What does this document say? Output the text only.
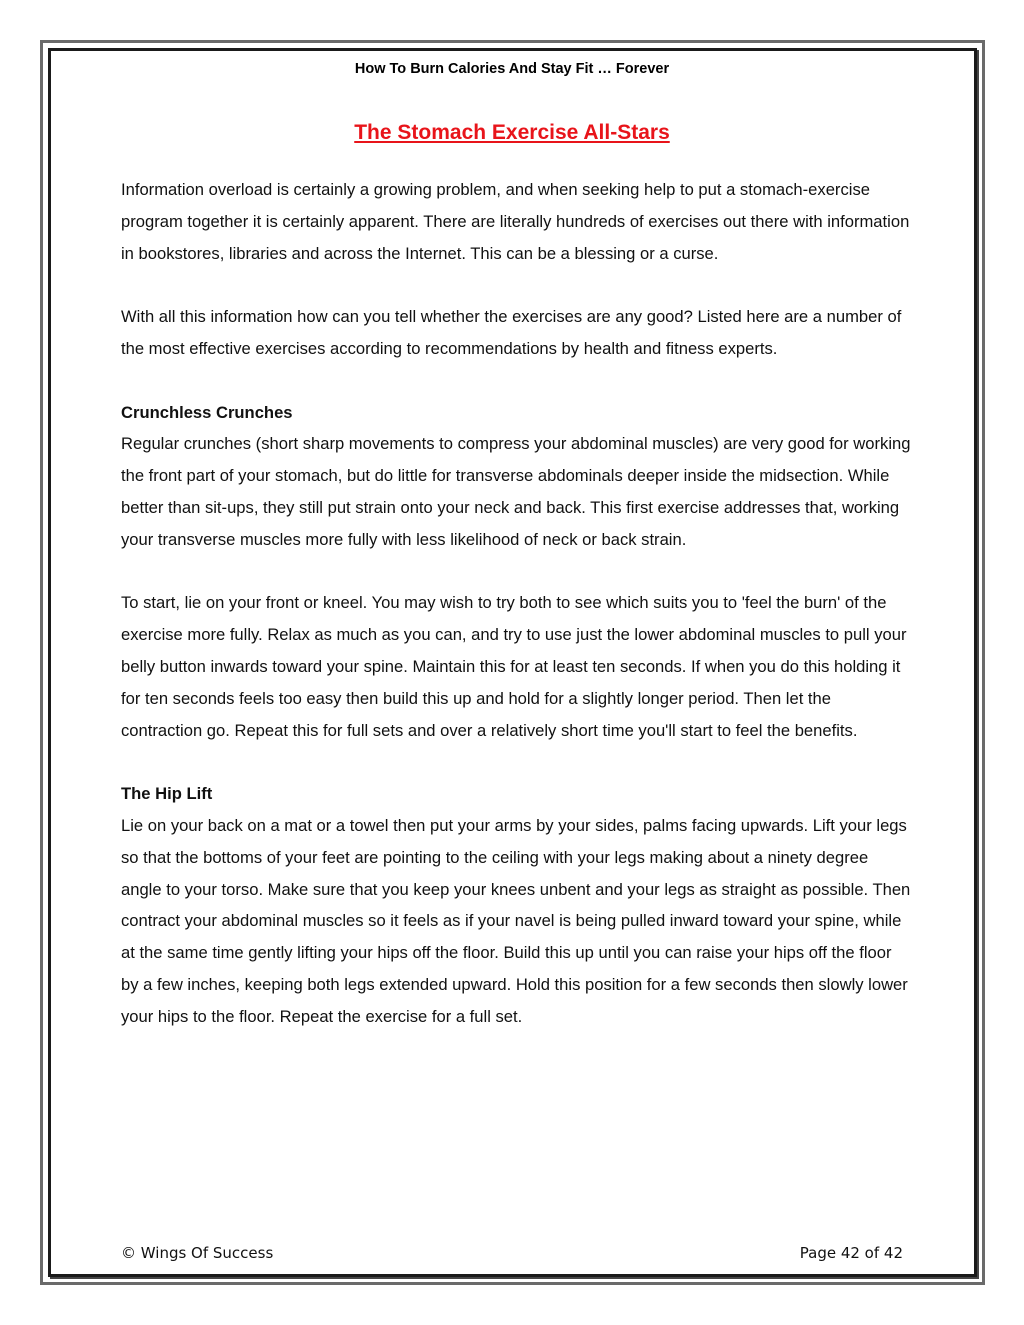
How To Burn Calories And Stay Fit … Forever
The Stomach Exercise All-Stars

Information overload is certainly a growing problem, and when seeking help to put a stomach-exercise program together it is certainly apparent. There are literally hundreds of exercises out there with information in bookstores, libraries and across the Internet. This can be a blessing or a curse.

With all this information how can you tell whether the exercises are any good? Listed here are a number of the most effective exercises according to recommendations by health and fitness experts.

Crunchless Crunches

Regular crunches (short sharp movements to compress your abdominal muscles) are very good for working the front part of your stomach, but do little for transverse abdominals deeper inside the midsection. While better than sit-ups, they still put strain onto your neck and back. This first exercise addresses that, working your transverse muscles more fully with less likelihood of neck or back strain.

To start, lie on your front or kneel. You may wish to try both to see which suits you to 'feel the burn' of the exercise more fully. Relax as much as you can, and try to use just the lower abdominal muscles to pull your belly button inwards toward your spine. Maintain this for at least ten seconds. If when you do this holding it for ten seconds feels too easy then build this up and hold for a slightly longer period. Then let the contraction go. Repeat this for full sets and over a relatively short time you'll start to feel the benefits.

The Hip Lift

Lie on your back on a mat or a towel then put your arms by your sides, palms facing upwards. Lift your legs so that the bottoms of your feet are pointing to the ceiling with your legs making about a ninety degree angle to your torso. Make sure that you keep your knees unbent and your legs as straight as possible. Then contract your abdominal muscles so it feels as if your navel is being pulled inward toward your spine, while at the same time gently lifting your hips off the floor. Build this up until you can raise your hips off the floor by a few inches, keeping both legs extended upward. Hold this position for a few seconds then slowly lower your hips to the floor. Repeat the exercise for a full set.

© Wings Of Success	Page 42 of 42
